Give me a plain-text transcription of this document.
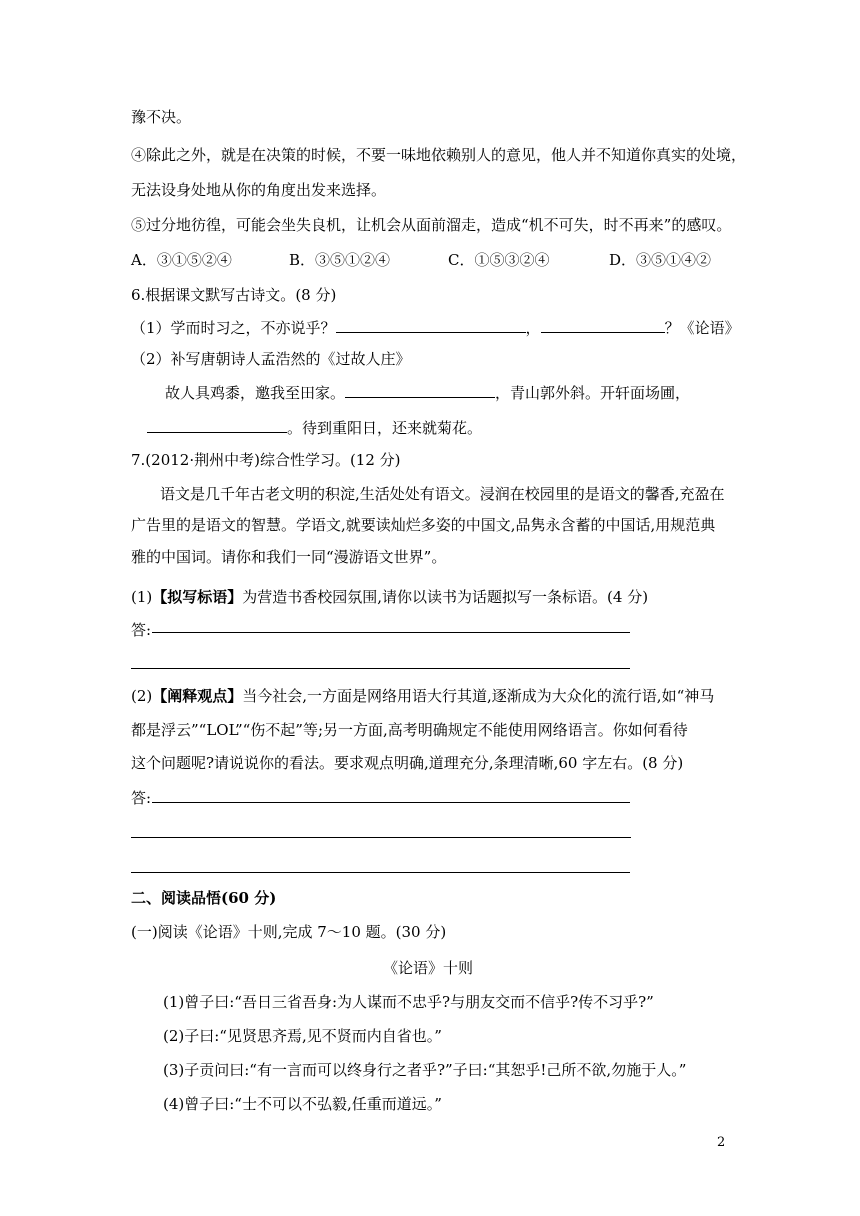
豫不决。
④除此之外，就是在决策的时候，不要一味地依赖别人的意见，他人并不知道你真实的处境，
无法设身处地从你的角度出发来选择。
⑤过分地彷徨，可能会坐失良机，让机会从面前溜走，造成“机不可失，时不再来”的感叹。
A．③①⑤②④	B．③⑤①②④	C．①⑤③②④	D．③⑤①④②
6.根据课文默写古诗文。(8 分)
（1）学而时习之，不亦说乎？	，	？《论语》
（2）补写唐朝诗人孟浩然的《过故人庄》
故人具鸡黍，邀我至田家。	，青山郭外斜。开轩面场圃，
。待到重阳日，还来就菊花。
7.(2012·荆州中考)综合性学习。(12 分)
语文是几千年古老文明的积淀,生活处处有语文。浸润在校园里的是语文的馨香,充盈在
广告里的是语文的智慧。学语文,就要读灿烂多姿的中国文,品隽永含蓄的中国话,用规范典
雅的中国词。请你和我们一同“漫游语文世界”。
(1)【拟写标语】为营造书香校园氛围,请你以读书为话题拟写一条标语。(4 分)
答:
(2)【阐释观点】当今社会,一方面是网络用语大行其道,逐渐成为大众化的流行语,如“神马
都是浮云”“LOL”“伤不起”等;另一方面,高考明确规定不能使用网络语言。你如何看待
这个问题呢?请说说你的看法。要求观点明确,道理充分,条理清晰,60 字左右。(8 分)
答:
二、阅读品悟(60 分)
(一)阅读《论语》十则,完成 7～10 题。(30 分)
《论语》十则
(1)曾子曰:“吾日三省吾身:为人谋而不忠乎?与朋友交而不信乎?传不习乎?”
(2)子曰:“见贤思齐焉,见不贤而内自省也。”
(3)子贡问曰:“有一言而可以终身行之者乎?”子曰:“其恕乎!己所不欲,勿施于人。”
(4)曾子曰:“士不可以不弘毅,任重而道远。”
2
